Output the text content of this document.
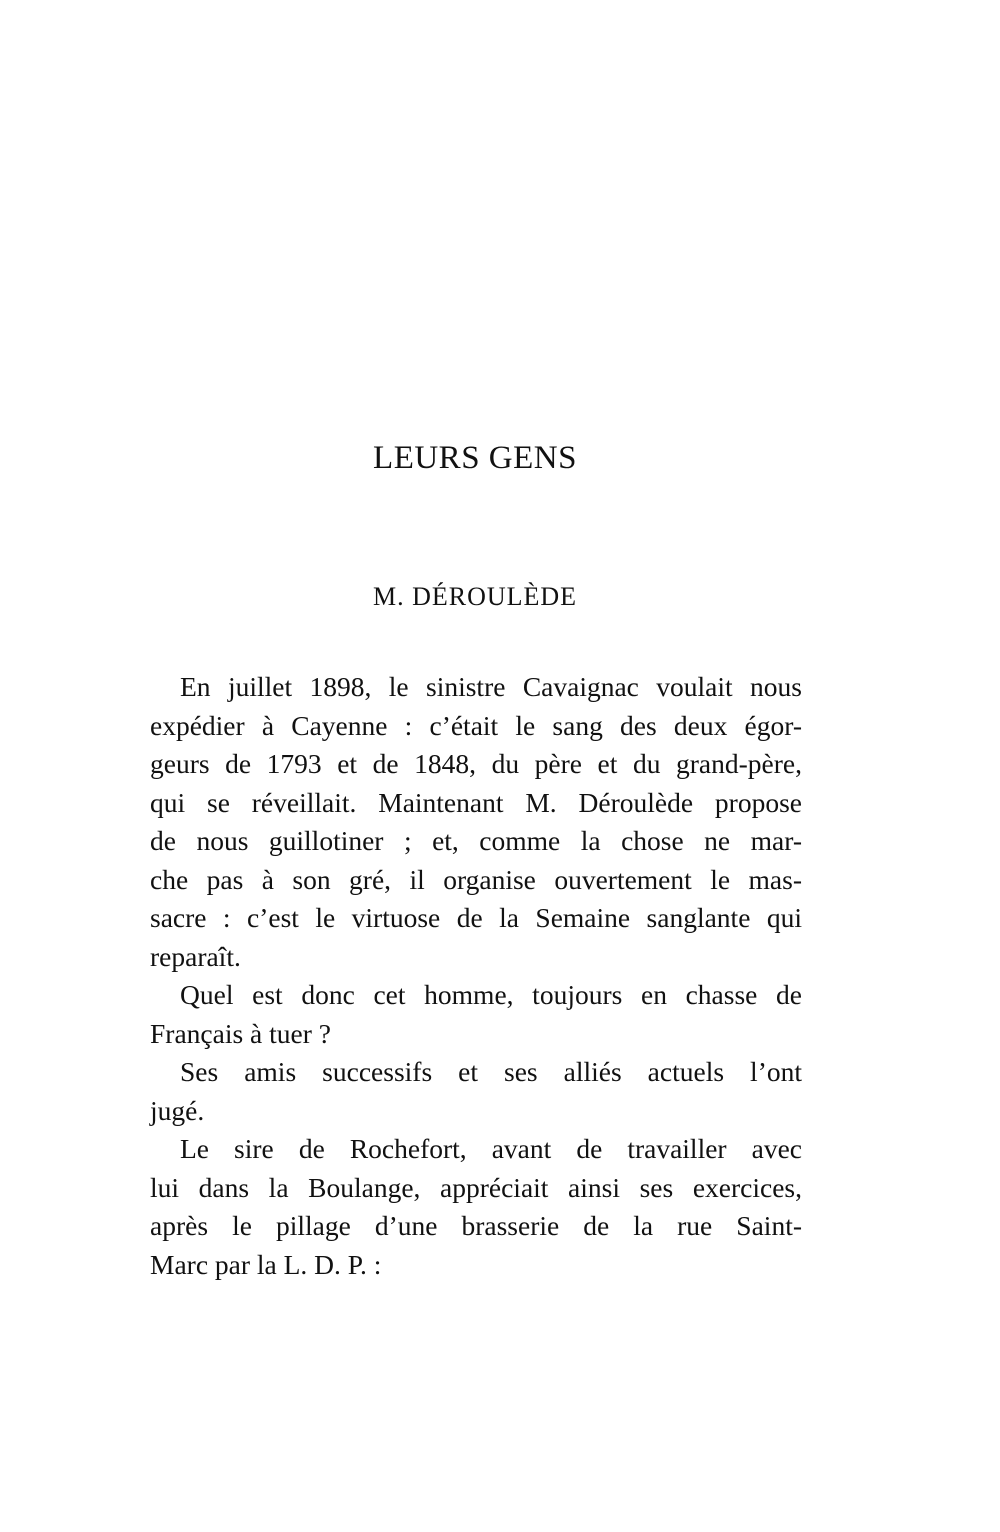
LEURS GENS
M. DÉROULÈDE
En juillet 1898, le sinistre Cavaignac voulait nous
expédier à Cayenne : c’était le sang des deux égor-
geurs de 1793 et de 1848, du père et du grand-père,
qui se réveillait. Maintenant M. Déroulède propose
de nous guillotiner ; et, comme la chose ne mar-
che pas à son gré, il organise ouvertement le mas-
sacre : c’est le virtuose de la Semaine sanglante qui
reparaît.
Quel est donc cet homme, toujours en chasse de
Français à tuer ?
Ses amis successifs et ses alliés actuels l’ont
jugé.
Le sire de Rochefort, avant de travailler avec
lui dans la Boulange, appréciait ainsi ses exercices,
après le pillage d’une brasserie de la rue Saint-
Marc par la L. D. P. :
